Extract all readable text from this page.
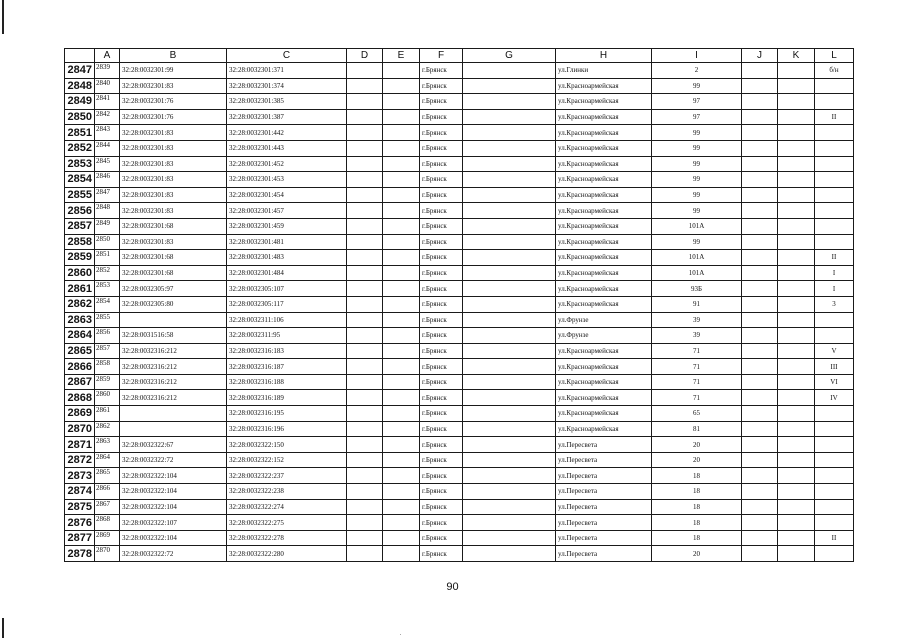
	A	B	C	D	E	F	G	H	I	J	K	L
2847	2839	32:28:0032301:99	32:28:0032301:371			г.Брянск		ул.Глинки	2			б/н
2848	2840	32:28:0032301:83	32:28:0032301:374			г.Брянск		ул.Красноармейская	99			
2849	2841	32:28:0032301:76	32:28:0032301:385			г.Брянск		ул.Красноармейская	97			
2850	2842	32:28:0032301:76	32:28:0032301:387			г.Брянск		ул.Красноармейская	97			II
2851	2843	32:28:0032301:83	32:28:0032301:442			г.Брянск		ул.Красноармейская	99			
2852	2844	32:28:0032301:83	32:28:0032301:443			г.Брянск		ул.Красноармейская	99			
2853	2845	32:28:0032301:83	32:28:0032301:452			г.Брянск		ул.Красноармейская	99			
2854	2846	32:28:0032301:83	32:28:0032301:453			г.Брянск		ул.Красноармейская	99			
2855	2847	32:28:0032301:83	32:28:0032301:454			г.Брянск		ул.Красноармейская	99			
2856	2848	32:28:0032301:83	32:28:0032301:457			г.Брянск		ул.Красноармейская	99			
2857	2849	32:28:0032301:68	32:28:0032301:459			г.Брянск		ул.Красноармейская	101А			
2858	2850	32:28:0032301:83	32:28:0032301:481			г.Брянск		ул.Красноармейская	99			
2859	2851	32:28:0032301:68	32:28:0032301:483			г.Брянск		ул.Красноармейская	101А			II
2860	2852	32:28:0032301:68	32:28:0032301:484			г.Брянск		ул.Красноармейская	101А			I
2861	2853	32:28:0032305:97	32:28:0032305:107			г.Брянск		ул.Красноармейская	93Б			I
2862	2854	32:28:0032305:80	32:28:0032305:117			г.Брянск		ул.Красноармейская	91			3
2863	2855		32:28:0032311:106			г.Брянск		ул.Фрунзе	39			
2864	2856	32:28:0031516:58	32:28:0032311:95			г.Брянск		ул.Фрунзе	39			
2865	2857	32:28:0032316:212	32:28:0032316:183			г.Брянск		ул.Красноармейская	71			V
2866	2858	32:28:0032316:212	32:28:0032316:187			г.Брянск		ул.Красноармейская	71			III
2867	2859	32:28:0032316:212	32:28:0032316:188			г.Брянск		ул.Красноармейская	71			VI
2868	2860	32:28:0032316:212	32:28:0032316:189			г.Брянск		ул.Красноармейская	71			IV
2869	2861		32:28:0032316:195			г.Брянск		ул.Красноармейская	65			
2870	2862		32:28:0032316:196			г.Брянск		ул.Красноармейская	81			
2871	2863	32:28:0032322:67	32:28:0032322:150			г.Брянск		ул.Пересвета	20			
2872	2864	32:28:0032322:72	32:28:0032322:152			г.Брянск		ул.Пересвета	20			
2873	2865	32:28:0032322:104	32:28:0032322:237			г.Брянск		ул.Пересвета	18			
2874	2866	32:28:0032322:104	32:28:0032322:238			г.Брянск		ул.Пересвета	18			
2875	2867	32:28:0032322:104	32:28:0032322:274			г.Брянск		ул.Пересвета	18			
2876	2868	32:28:0032322:107	32:28:0032322:275			г.Брянск		ул.Пересвета	18			
2877	2869	32:28:0032322:104	32:28:0032322:278			г.Брянск		ул.Пересвета	18			II
2878	2870	32:28:0032322:72	32:28:0032322:280			г.Брянск		ул.Пересвета	20			
90
